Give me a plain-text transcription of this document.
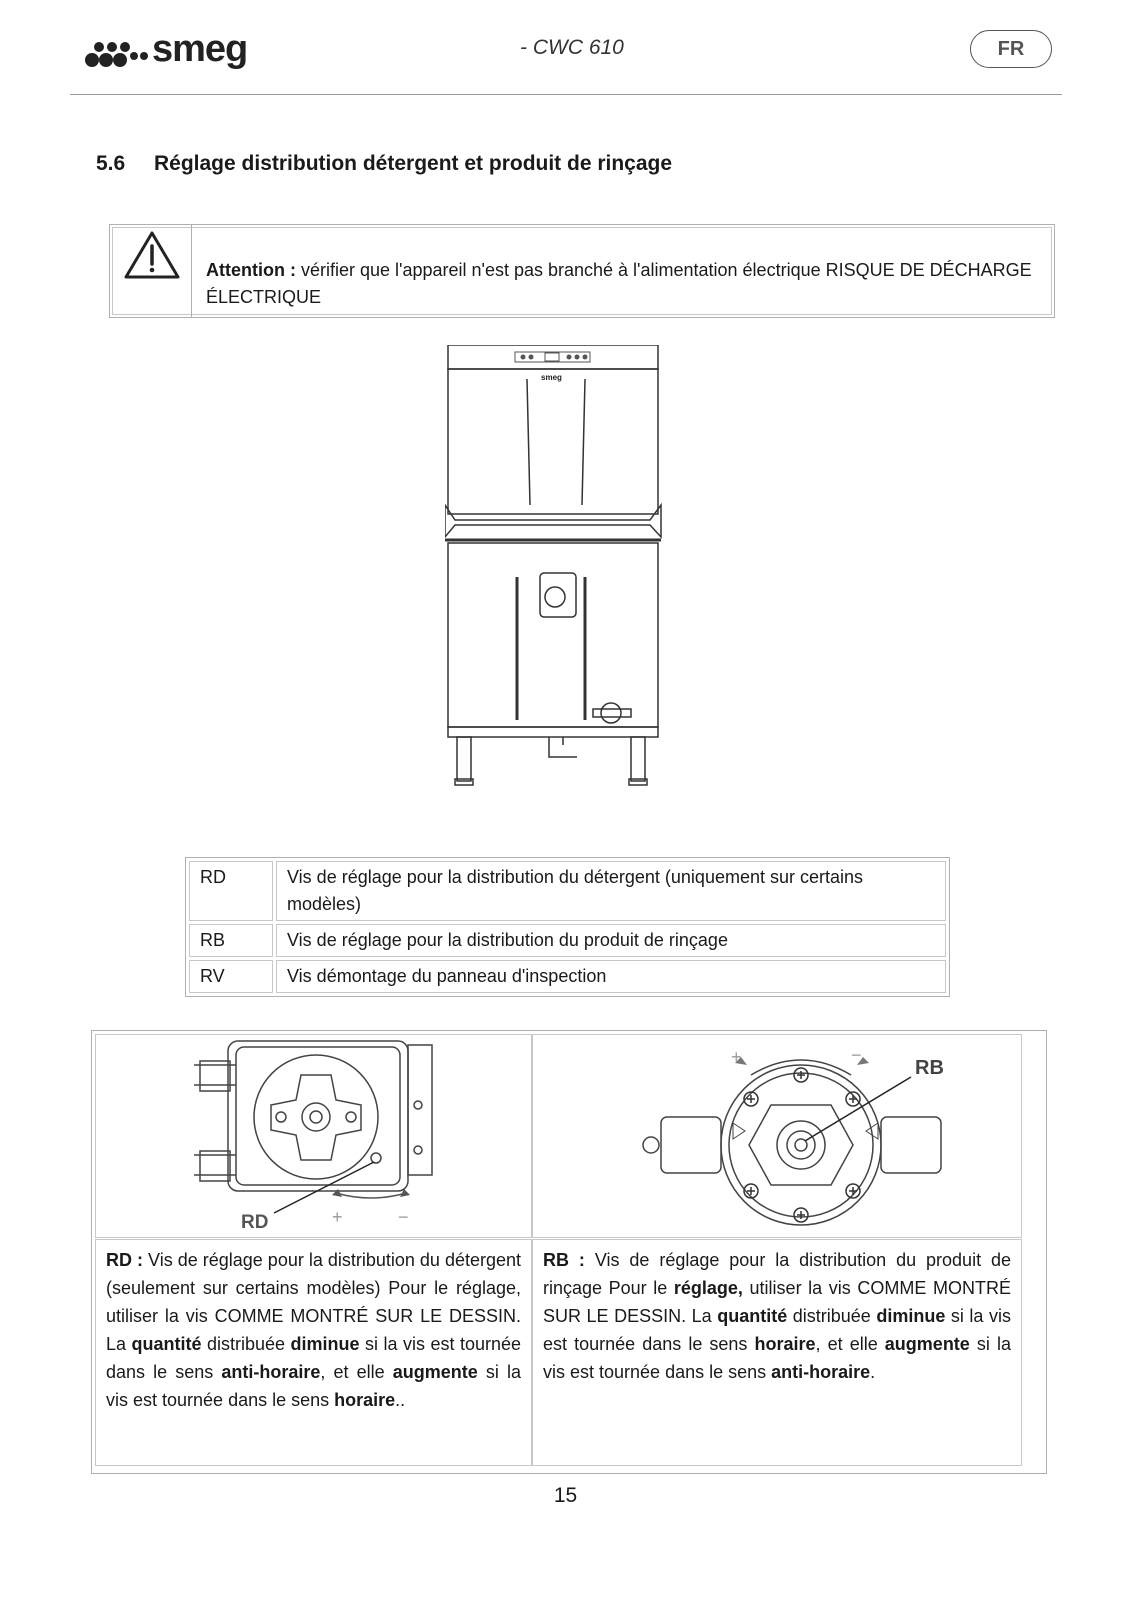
smeg	- CWC 610	FR
5.6 Réglage distribution détergent et produit de rinçage
Attention : vérifier que l'appareil n'est pas branché à l'alimentation électrique RISQUE DE DÉCHARGE ÉLECTRIQUE
smeg
RD	Vis de réglage pour la distribution du détergent (uniquement sur certains modèles)
RB	Vis de réglage pour la distribution du produit de rinçage
RV	Vis démontage du panneau d'inspection
RD	+	−
RB
+	−
RD : Vis de réglage pour la distribution du détergent (seulement sur certains modèles) Pour le réglage, utiliser la vis COMME MONTRÉ SUR LE DESSIN. La quantité distribuée diminue si la vis est tournée dans le sens anti-horaire, et elle augmente si la vis est tournée dans le sens horaire..
RB : Vis de réglage pour la distribution du produit de rinçage Pour le réglage, utiliser la vis COMME MONTRÉ SUR LE DESSIN. La quantité distribuée diminue si la vis est tournée dans le sens horaire, et elle augmente si la vis est tournée dans le sens anti-horaire.
15
